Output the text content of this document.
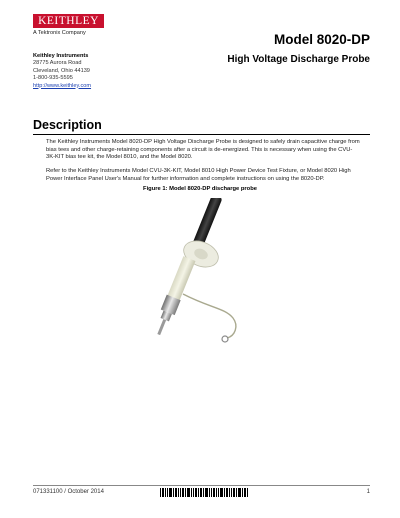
KEITHLEY
A Tektronix Company	Model 8020-DP
High Voltage Discharge Probe
Keithley Instruments
28775 Aurora Road
Cleveland, Ohio 44139
1-800-935-5595
http://www.keithley.com
Description
The Keithley Instruments Model 8020-DP High Voltage Discharge Probe is designed to safely drain capacitive charge from bias tees and other charge-retaining components after a circuit is de-energized. This is necessary when using the CVU-3K-KIT bias tee kit, the Model 8010, and the Model 8020.
Refer to the Keithley Instruments Model CVU-3K-KIT, Model 8010 High Power Device Test Fixture, or Model 8020 High Power Interface Panel User's Manual for further information and complete instructions on using the 8020-DP.
Figure 1: Model 8020-DP discharge probe
071331100 / October 2014	1
